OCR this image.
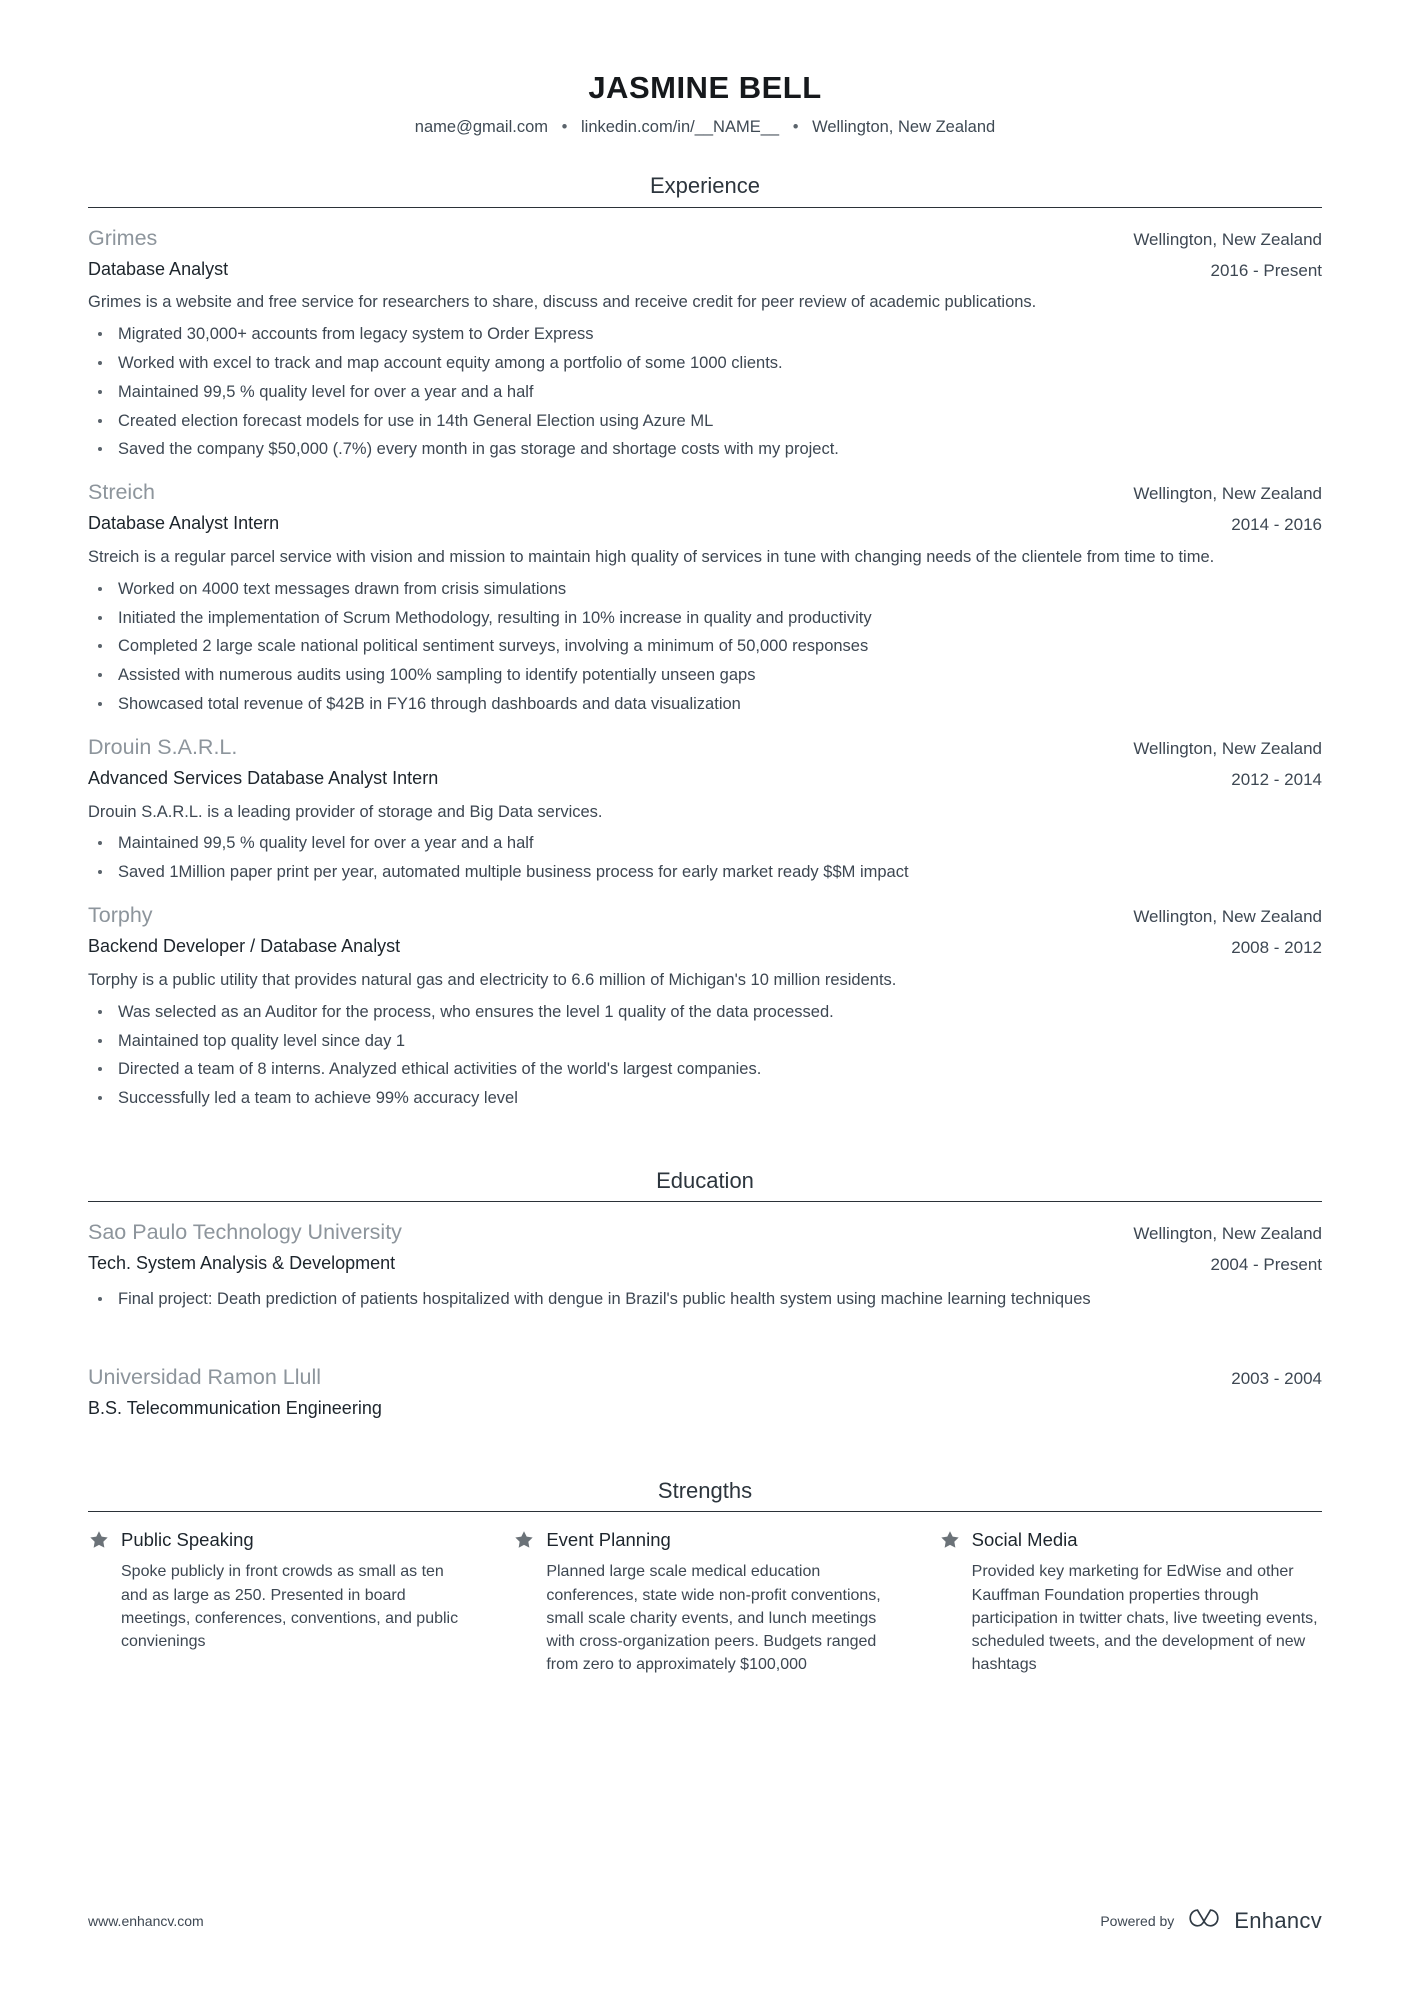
JASMINE BELL
name@gmail.com • linkedin.com/in/__NAME__ • Wellington, New Zealand
Experience
Grimes
Database Analyst
Wellington, New Zealand
2016 - Present
Grimes is a website and free service for researchers to share, discuss and receive credit for peer review of academic publications.
Migrated 30,000+ accounts from legacy system to Order Express
Worked with excel to track and map account equity among a portfolio of some 1000 clients.
Maintained 99,5 % quality level for over a year and a half
Created election forecast models for use in 14th General Election using Azure ML
Saved the company $50,000 (.7%) every month in gas storage and shortage costs with my project.
Streich
Database Analyst Intern
Wellington, New Zealand
2014 - 2016
Streich is a regular parcel service with vision and mission to maintain high quality of services in tune with changing needs of the clientele from time to time.
Worked on 4000 text messages drawn from crisis simulations
Initiated the implementation of Scrum Methodology, resulting in 10% increase in quality and productivity
Completed 2 large scale national political sentiment surveys, involving a minimum of 50,000 responses
Assisted with numerous audits using 100% sampling to identify potentially unseen gaps
Showcased total revenue of $42B in FY16 through dashboards and data visualization
Drouin S.A.R.L.
Advanced Services Database Analyst Intern
Wellington, New Zealand
2012 - 2014
Drouin S.A.R.L. is a leading provider of storage and Big Data services.
Maintained 99,5 % quality level for over a year and a half
Saved 1Million paper print per year, automated multiple business process for early market ready $$M impact
Torphy
Backend Developer / Database Analyst
Wellington, New Zealand
2008 - 2012
Torphy is a public utility that provides natural gas and electricity to 6.6 million of Michigan's 10 million residents.
Was selected as an Auditor for the process, who ensures the level 1 quality of the data processed.
Maintained top quality level since day 1
Directed a team of 8 interns. Analyzed ethical activities of the world's largest companies.
Successfully led a team to achieve 99% accuracy level
Education
Sao Paulo Technology University
Tech. System Analysis & Development
Wellington, New Zealand
2004 - Present
Final project: Death prediction of patients hospitalized with dengue in Brazil's public health system using machine learning techniques
Universidad Ramon Llull
B.S. Telecommunication Engineering
2003 - 2004
Strengths
Public Speaking
Spoke publicly in front crowds as small as ten and as large as 250. Presented in board meetings, conferences, conventions, and public convienings
Event Planning
Planned large scale medical education conferences, state wide non-profit conventions, small scale charity events, and lunch meetings with cross-organization peers. Budgets ranged from zero to approximately $100,000
Social Media
Provided key marketing for EdWise and other Kauffman Foundation properties through participation in twitter chats, live tweeting events, scheduled tweets, and the development of new hashtags
www.enhancv.com	Powered by	Enhancv
